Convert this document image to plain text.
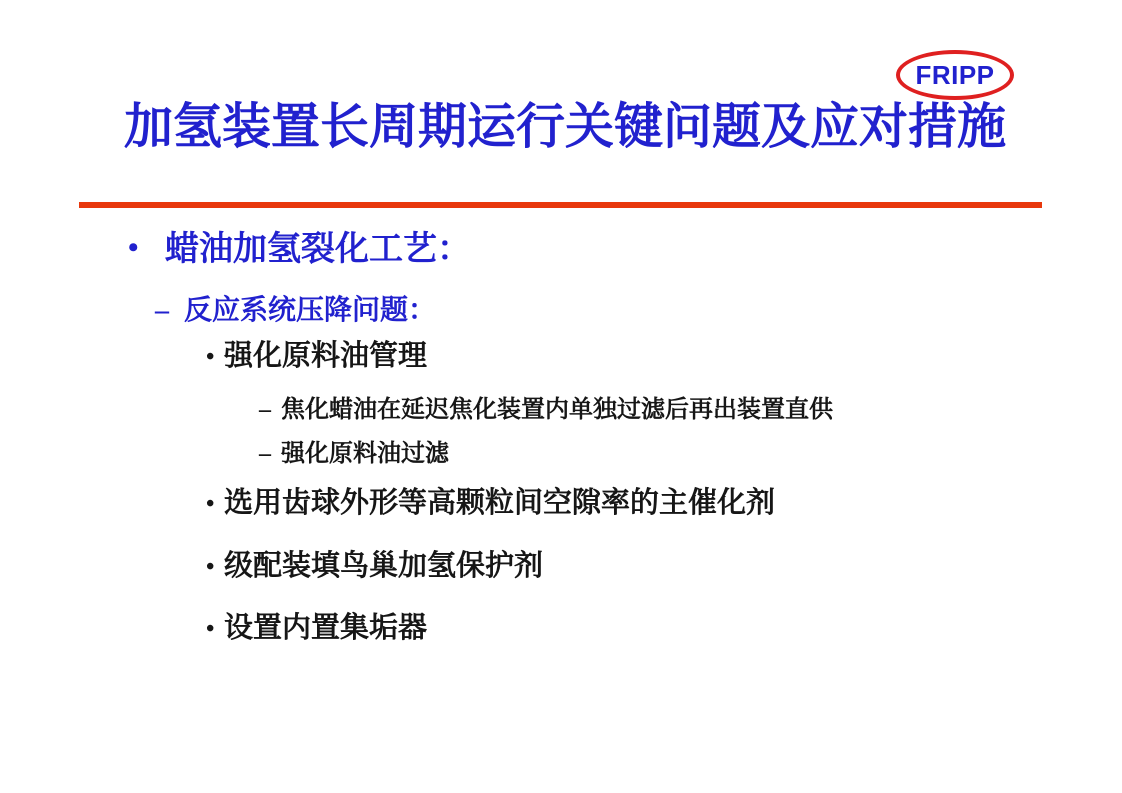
FRIPP
加氢装置长周期运行关键问题及应对措施
• 蜡油加氢裂化工艺：
– 反应系统压降问题：
• 强化原料油管理
– 焦化蜡油在延迟焦化装置内单独过滤后再出装置直供
– 强化原料油过滤
• 选用齿球外形等高颗粒间空隙率的主催化剂
• 级配装填鸟巢加氢保护剂
• 设置内置集垢器
